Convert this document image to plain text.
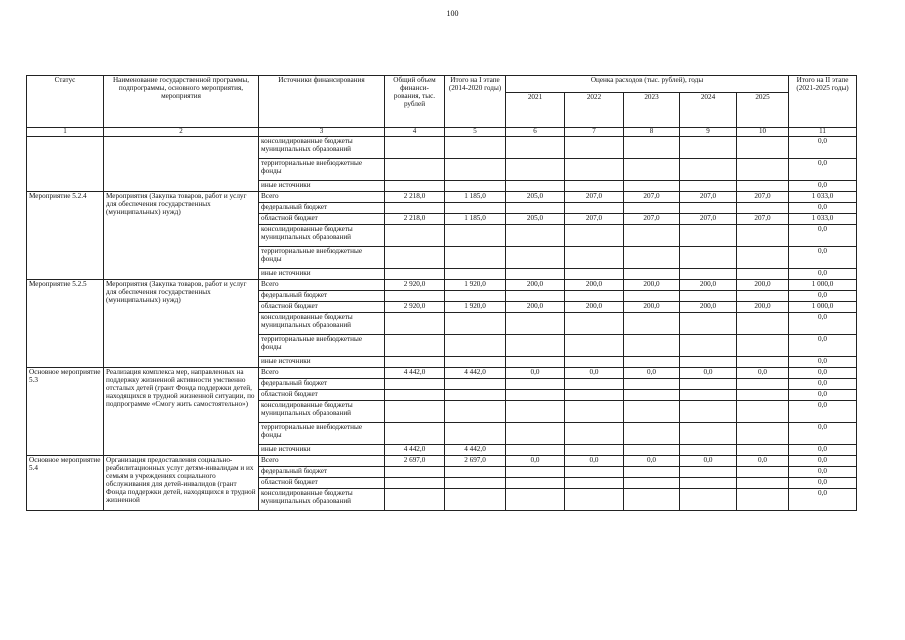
100
Статус	Наименование государственной программы, подпрограммы, основного мероприятия, мероприятия	Источники финансирования	Общий объем финанси-рования, тыс. рублей	Итого на I этапе (2014-2020 годы)	Оценка расходов (тыс. рублей), годы					Итого на II этапе (2021-2025 годы)
					2021	2022	2023	2024	2025	
1	2	3	4	5	6	7	8	9	10	11
		консолидированные бюджеты муниципальных образований								0,0
		территориальные внебюджетные фонды								0,0
		иные источники								0,0
Мероприятие 5.2.4	Мероприятия (Закупка товаров, работ и услуг для обеспечения государственных (муниципальных) нужд)	Всего	2 218,0	1 185,0	205,0	207,0	207,0	207,0	207,0	1 033,0
		федеральный бюджет								0,0
		областной бюджет	2 218,0	1 185,0	205,0	207,0	207,0	207,0	207,0	1 033,0
		консолидированные бюджеты муниципальных образований								0,0
		территориальные внебюджетные фонды								0,0
		иные источники								0,0
Мероприятие 5.2.5	Мероприятия (Закупка товаров, работ и услуг для обеспечения государственных (муниципальных) нужд)	Всего	2 920,0	1 920,0	200,0	200,0	200,0	200,0	200,0	1 000,0
		федеральный бюджет								0,0
		областной бюджет	2 920,0	1 920,0	200,0	200,0	200,0	200,0	200,0	1 000,0
		консолидированные бюджеты муниципальных образований								0,0
		территориальные внебюджетные фонды								0,0
		иные источники								0,0
Основное мероприятие 5.3	Реализация комплекса мер, направленных на поддержку жизненной активности умственно отсталых детей (грант Фонда поддержки детей, находящихся в трудной жизненной ситуации, по подпрограмме «Смогу жить самостоятельно»)	Всего	4 442,0	4 442,0	0,0	0,0	0,0	0,0	0,0	0,0
		федеральный бюджет								0,0
		областной бюджет								0,0
		консолидированные бюджеты муниципальных образований								0,0
		территориальные внебюджетные фонды								0,0
		иные источники	4 442,0	4 442,0						0,0
Основное мероприятие 5.4	Организация предоставления социально-реабилитационных услуг детям-инвалидам и их семьям в учреждениях социального обслуживания для детей-инвалидов (грант Фонда поддержки детей, находящихся в трудной жизненной	Всего	2 697,0	2 697,0	0,0	0,0	0,0	0,0	0,0	0,0
		федеральный бюджет								0,0
		областной бюджет								0,0
		консолидированные бюджеты муниципальных образований								0,0
